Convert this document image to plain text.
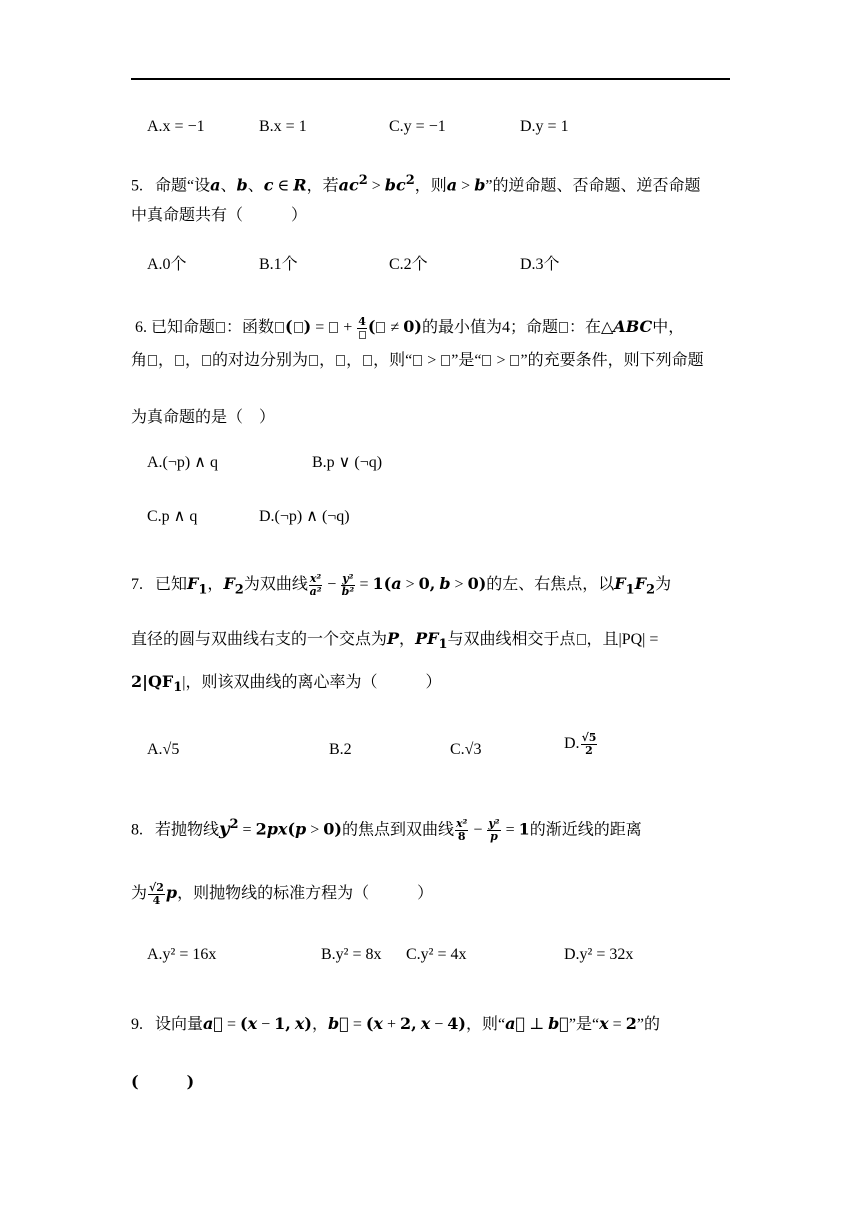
A.x = −1	B.x = 1	C.y = −1	D.y = 1
5. 命题“设a、b、c ∈ R，若$ac^2 > bc^2$，则a > b”的逆命题、否命题、逆否命题
中真命题共有（　　　）
A.0个	B.1个	C.2个	D.3个
6. 已知命题 ：函数 ( ) =  + 4 ( ≠ 0)的最小值为4；命题 ：在△ABC中，
角 ， ， 的对边分别为 ， ， ，则“ > ”是“ > ”的充要条件，则下列命题
为真命题的是（　）
A.(¬p) ∧ q	B.p ∨ (¬q)
C.p ∧ q	D.(¬p) ∧ (¬q)
7. 已知$F_1$，$F_2$为双曲线 $\frac{\text{x²}}{\text{a²}} - \frac{\text{y²}}{\text{b²}} = 1(a > 0$, b > 0)的左、右焦点，以$F_1F_2$为
直径的圆与双曲线右支的一个交点为P，$PF_1$与双曲线相交于点 ，且|PQ| =
$2|QF_1|$，则该双曲线的离心率为（　　　）
A.√5	B.2	C.√3	D. $\frac{√5}{2}$
8. 若抛物线$y^2 = 2px(p > 0)$的焦点到双曲线 $\frac{\text{x²}}{8} - \frac{\text{y²}}{p} = 1$的渐近线的距离
为 $\frac{√2}{4}$ p，则抛物线的标准方程为（　　　）
A.y² = 16x	B.y² = 8x C.y² = 4x	D.y² = 32x
9. 设向量a⃗ = (x − 1, x)，b⃗ = (x + 2, x − 4)，则“a⃗ ⊥ b⃗”是“x = 2”的
(　　　)
